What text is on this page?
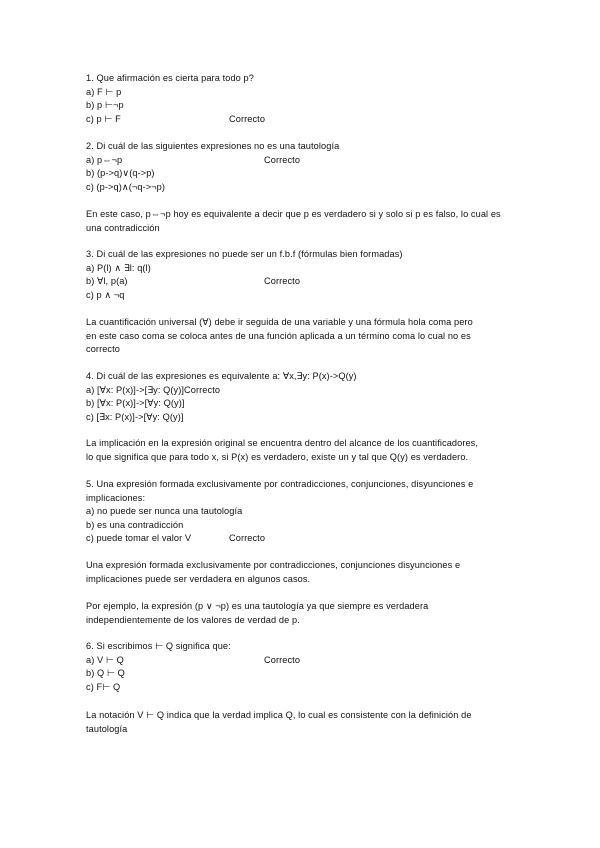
1. Que afirmación es cierta para todo p?
a) F ⊢ p
b) p ⊢¬p
c) p ⊢ F	Correcto
2. Di cuál de las siguientes expresiones no es una tautología
a) p⇔¬p	Correcto
b) (p->q)∨(q->p)
c) (p->q)∧(¬q->¬p)
En este caso, p⇔¬p hoy es equivalente a decir que p es verdadero si y solo si p es falso, lo cual es una contradicción
3. Di cuál de las expresiones no puede ser un f.b.f (fórmulas bien formadas)
a) P(l) ∧ ∃l: q(l)
b) ∀l, p(a)	Correcto
c) p ∧ ¬q
La cuantificación universal (∀) debe ir seguida de una variable y una fórmula hola coma pero
en este caso coma se coloca antes de una función aplicada a un término coma lo cual no es
correcto
4. Di cuál de las expresiones es equivalente a: ∀x,∃y: P(x)->Q(y)
a) [∀x: P(x)]->[∃y: Q(y)]Correcto
b) [∀x: P(x)]->[∀y: Q(y)]
c) [∃x: P(x)]->[∀y: Q(y)]
La implicación en la expresión original se encuentra dentro del alcance de los cuantificadores,
lo que significa que para todo x, si P(x) es verdadero, existe un y tal que Q(y) es verdadero.
5. Una expresión formada exclusivamente por contradicciones, conjunciones, disyunciones e
implicaciones:
a) no puede ser nunca una tautología
b) es una contradicción
c) puede tomar el valor V	Correcto
Una expresión formada exclusivamente por contradicciones, conjunciones disyunciones e
implicaciones puede ser verdadera en algunos casos.
Por ejemplo, la expresión (p ∨ ¬p) es una tautología ya que siempre es verdadera
independientemente de los valores de verdad de p.
6. Si escribimos ⊢ Q significa que:
a) V ⊢ Q	Correcto
b) Q ⊢ Q
c) F⊢ Q
La notación V ⊢ Q indica que la verdad implica Q, lo cual es consistente con la definición de
tautología
